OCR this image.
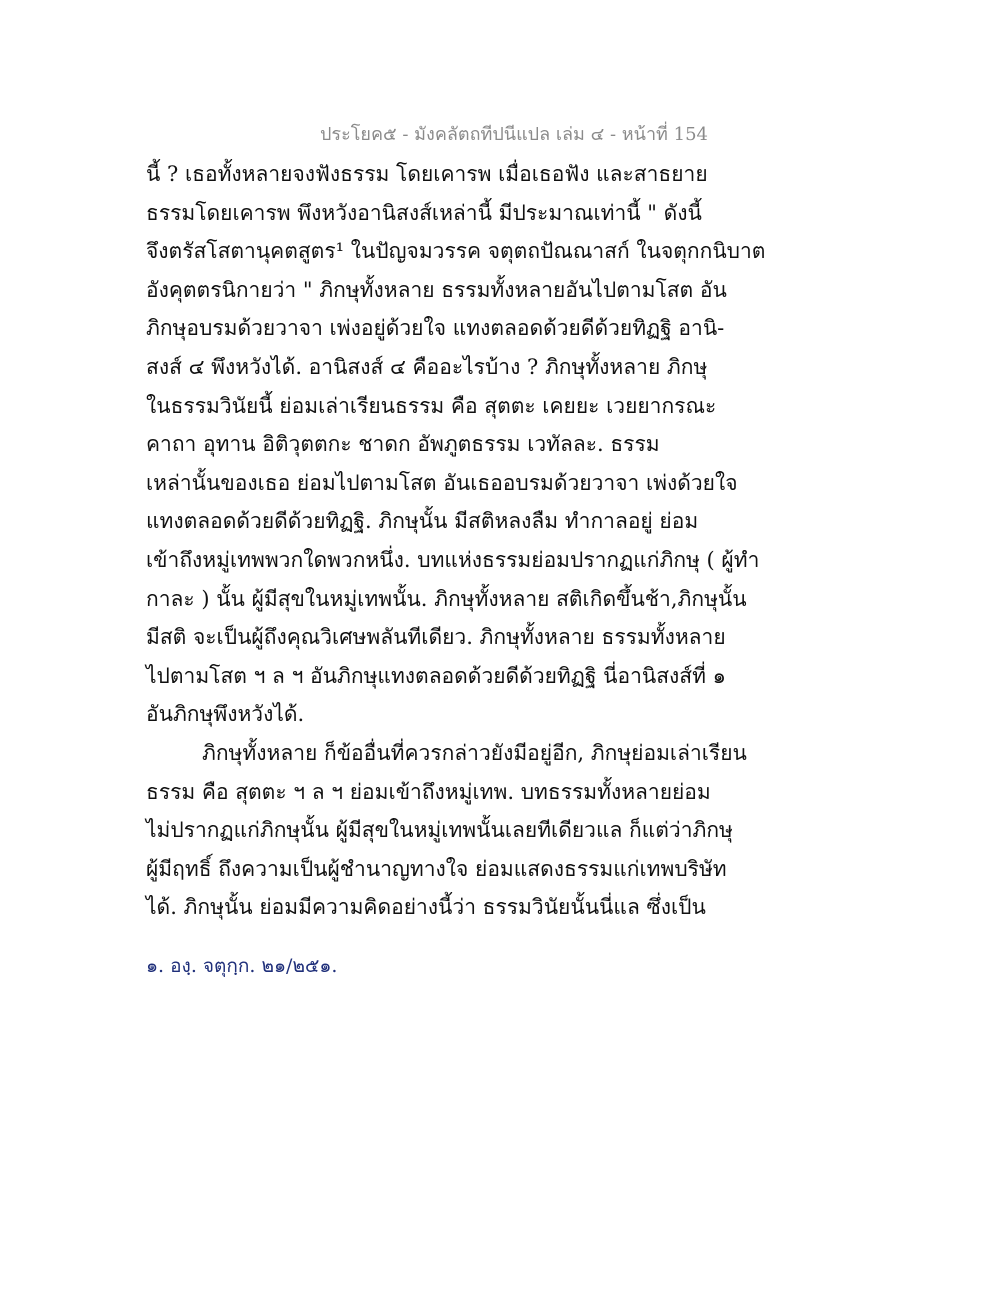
ประโยค๕ - มังคลัตถทีปนีแปล เล่ม ๔ - หน้าที่ 154
นี้ ? เธอทั้งหลายจงฟังธรรม โดยเคารพ เมื่อเธอฟัง และสาธยาย
ธรรมโดยเคารพ พึงหวังอานิสงส์เหล่านี้ มีประมาณเท่านี้ " ดังนี้
จึงตรัสโสตานุคตสูตร¹ ในปัญจมวรรค จตุตถปัณณาสก์ ในจตุกกนิบาต
อังคุตตรนิกายว่า " ภิกษุทั้งหลาย ธรรมทั้งหลายอันไปตามโสต อัน
ภิกษุอบรมด้วยวาจา เพ่งอยู่ด้วยใจ แทงตลอดด้วยดีด้วยทิฏฐิ อานิ-
สงส์ ๔ พึงหวังได้. อานิสงส์ ๔ คืออะไรบ้าง ? ภิกษุทั้งหลาย ภิกษุ
ในธรรมวินัยนี้ ย่อมเล่าเรียนธรรม คือ สุตตะ เคยยะ เวยยากรณะ
คาถา อุทาน อิติวุตตกะ ชาดก อัพภูตธรรม เวทัลละ. ธรรม
เหล่านั้นของเธอ ย่อมไปตามโสต อันเธออบรมด้วยวาจา เพ่งด้วยใจ
แทงตลอดด้วยดีด้วยทิฏฐิ. ภิกษุนั้น มีสติหลงลืม ทำกาลอยู่ ย่อม
เข้าถึงหมู่เทพพวกใดพวกหนึ่ง. บทแห่งธรรมย่อมปรากฏแก่ภิกษุ ( ผู้ทำ
กาละ ) นั้น ผู้มีสุขในหมู่เทพนั้น. ภิกษุทั้งหลาย สติเกิดขึ้นช้า,ภิกษุนั้น
มีสติ จะเป็นผู้ถึงคุณวิเศษพลันทีเดียว. ภิกษุทั้งหลาย ธรรมทั้งหลาย
ไปตามโสต ฯ ล ฯ อันภิกษุแทงตลอดด้วยดีด้วยทิฏฐิ นี่อานิสงส์ที่ ๑
อันภิกษุพึงหวังได้.
ภิกษุทั้งหลาย ก็ข้ออื่นที่ควรกล่าวยังมีอยู่อีก, ภิกษุย่อมเล่าเรียน
ธรรม คือ สุตตะ ฯ ล ฯ ย่อมเข้าถึงหมู่เทพ. บทธรรมทั้งหลายย่อม
ไม่ปรากฏแก่ภิกษุนั้น ผู้มีสุขในหมู่เทพนั้นเลยทีเดียวแล ก็แต่ว่าภิกษุ
ผู้มีฤทธิ์ ถึงความเป็นผู้ชำนาญทางใจ ย่อมแสดงธรรมแก่เทพบริษัท
ได้. ภิกษุนั้น ย่อมมีความคิดอย่างนี้ว่า ธรรมวินัยนั้นนี่แล ซึ่งเป็น
๑. องฺ. จตุกฺก. ๒๑/๒๕๑.
